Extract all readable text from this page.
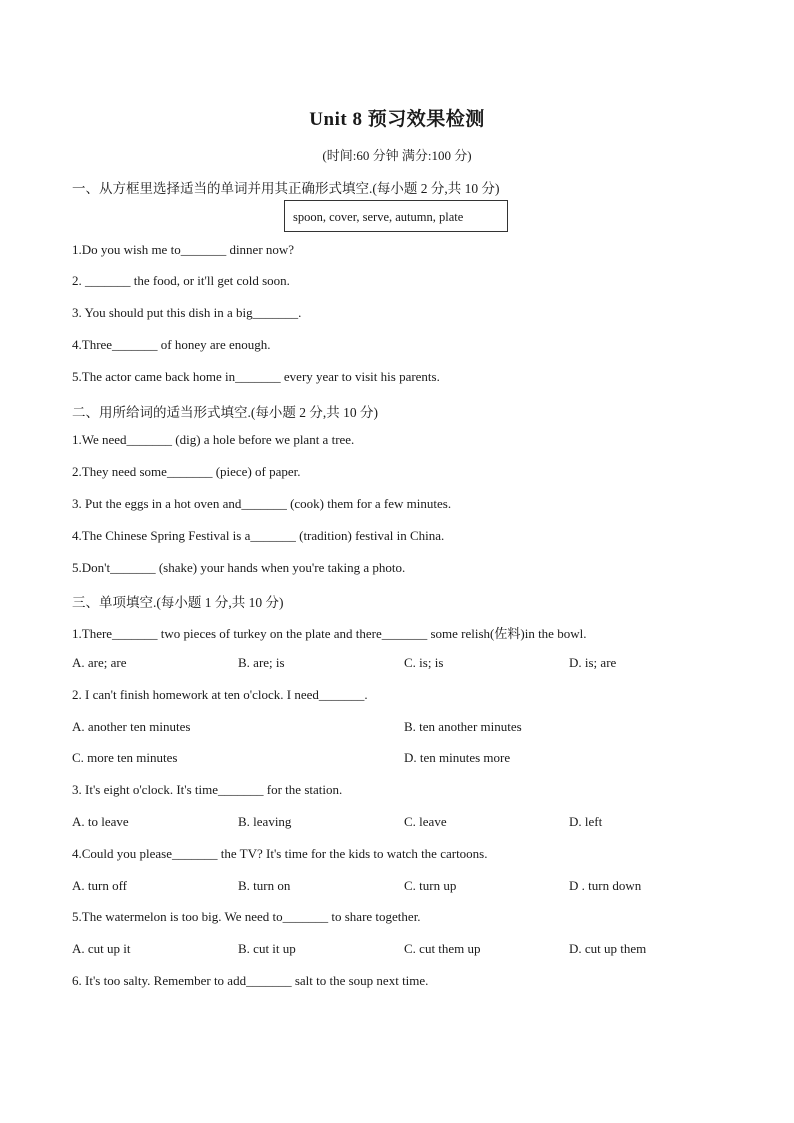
Unit 8 预习效果检测
(时间:60 分钟 满分:100 分)
一、从方框里选择适当的单词并用其正确形式填空.(每小题 2 分,共 10 分)
spoon, cover, serve, autumn, plate
1.Do you wish me to_______ dinner now?
2. _______ the food, or it'll get cold soon.
3. You should put this dish in a big_______.
4.Three_______ of honey are enough.
5.The actor came back home in_______ every year to visit his parents.
二、用所给词的适当形式填空.(每小题 2 分,共 10 分)
1.We need_______ (dig) a hole before we plant a tree.
2.They need some_______ (piece) of paper.
3. Put the eggs in a hot oven and_______ (cook) them for a few minutes.
4.The Chinese Spring Festival is a_______ (tradition) festival in China.
5.Don't_______ (shake) your hands when you're taking a photo.
三、单项填空.(每小题 1 分,共 10 分)
1.There_______ two pieces of turkey on the plate and there_______ some relish(佐料)in the bowl.
A. are; are	B. are; is	C. is; is	D. is; are
2. I can't finish homework at ten o'clock. I need_______.
A. another ten minutes	B. ten another minutes
C. more ten minutes	D. ten minutes more
3. It's eight o'clock. It's time_______ for the station.
A. to leave	B. leaving	C. leave	D. left
4.Could you please_______ the TV? It's time for the kids to watch the cartoons.
A. turn off	B. turn on	C. turn up	D . turn down
5.The watermelon is too big. We need to_______ to share together.
A. cut up it	B. cut it up	C. cut them up	D. cut up them
6. It's too salty. Remember to add_______ salt to the soup next time.
